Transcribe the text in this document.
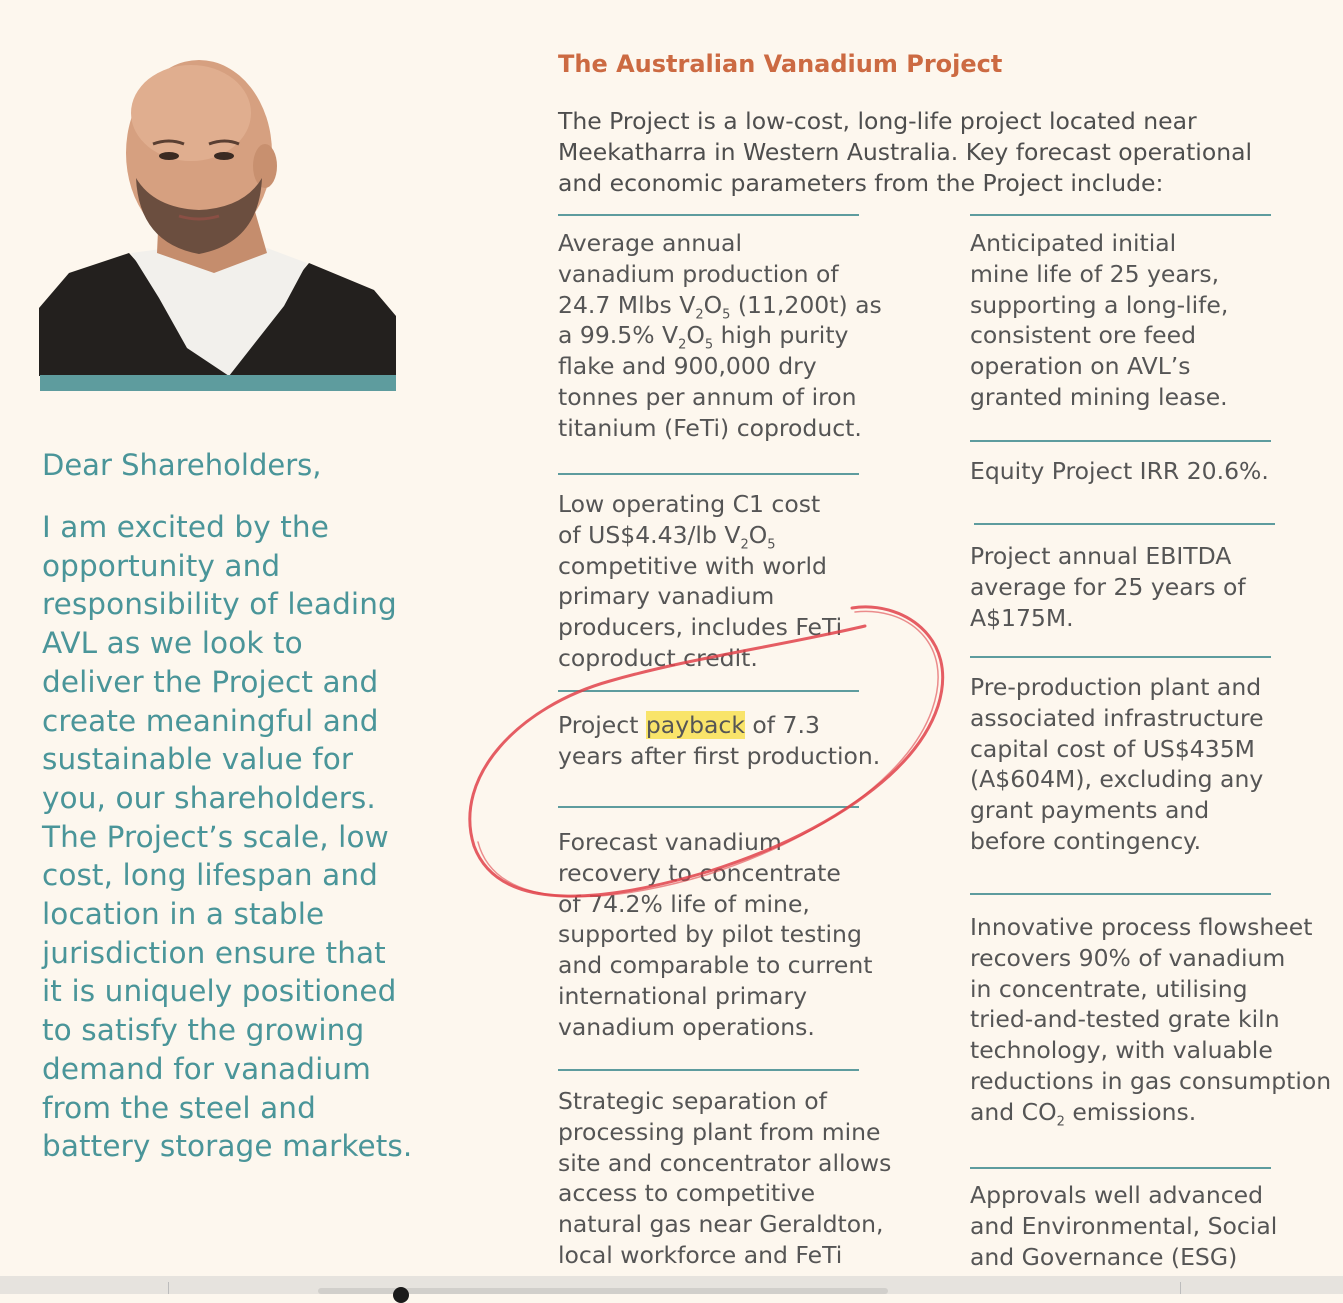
Dear Shareholders,

I am excited by the
opportunity and
responsibility of leading
AVL as we look to
deliver the Project and
create meaningful and
sustainable value for
you, our shareholders.
The Project’s scale, low
cost, long lifespan and
location in a stable
jurisdiction ensure that
it is uniquely positioned
to satisfy the growing
demand for vanadium
from the steel and
battery storage markets.

The Australian Vanadium Project

The Project is a low-cost, long-life project located near
Meekatharra in Western Australia. Key forecast operational
and economic parameters from the Project include:

Average annual
vanadium production of
24.7 Mlbs $V_2O_5$ (11,200t) as
a 99.5% $V_2O_5$ high purity
flake and 900,000 dry
tonnes per annum of iron
titanium (FeTi) coproduct.

Low operating C1 cost
of US$4.43/lb $V_2O_5$
competitive with world
primary vanadium
producers, includes FeTi
coproduct credit.

Project payback of 7.3
years after first production.

Forecast vanadium
recovery to concentrate
of 74.2% life of mine,
supported by pilot testing
and comparable to current
international primary
vanadium operations.

Strategic separation of
processing plant from mine
site and concentrator allows
access to competitive
natural gas near Geraldton,
local workforce and FeTi

Anticipated initial
mine life of 25 years,
supporting a long-life,
consistent ore feed
operation on AVL’s
granted mining lease.

Equity Project IRR 20.6%.

Project annual EBITDA
average for 25 years of
A$175M.

Pre-production plant and
associated infrastructure
capital cost of US$435M
(A$604M), excluding any
grant payments and
before contingency.

Innovative process flowsheet
recovers 90% of vanadium
in concentrate, utilising
tried-and-tested grate kiln
technology, with valuable
reductions in gas consumption
and $CO_2$ emissions.

Approvals well advanced
and Environmental, Social
and Governance (ESG)
